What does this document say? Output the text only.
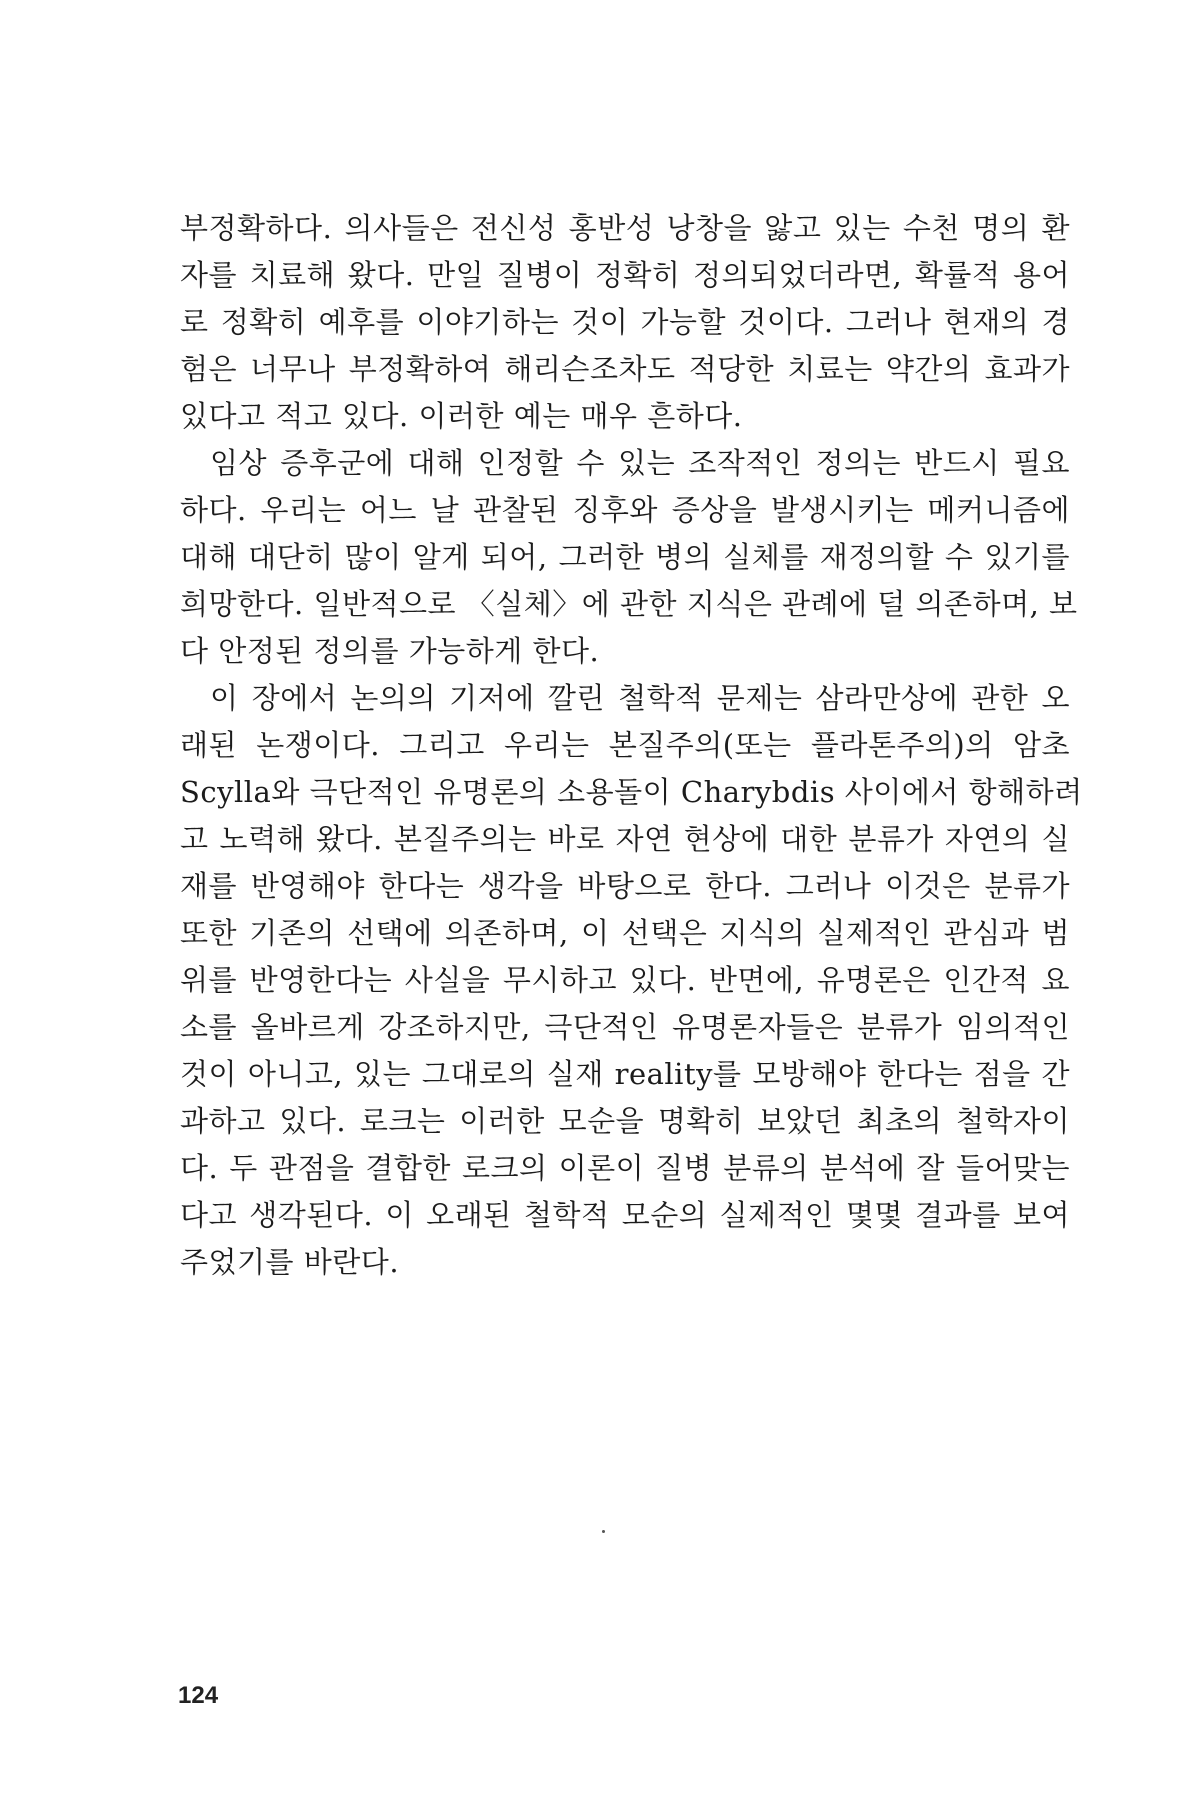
부정확하다. 의사들은 전신성 홍반성 낭창을 앓고 있는 수천 명의 환
자를 치료해 왔다. 만일 질병이 정확히 정의되었더라면, 확률적 용어
로 정확히 예후를 이야기하는 것이 가능할 것이다. 그러나 현재의 경
험은 너무나 부정확하여 해리슨조차도 적당한 치료는 약간의 효과가
있다고 적고 있다. 이러한 예는 매우 흔하다.
임상 증후군에 대해 인정할 수 있는 조작적인 정의는 반드시 필요
하다. 우리는 어느 날 관찰된 징후와 증상을 발생시키는 메커니즘에
대해 대단히 많이 알게 되어, 그러한 병의 실체를 재정의할 수 있기를
희망한다. 일반적으로 〈실체〉에 관한 지식은 관례에 덜 의존하며, 보
다 안정된 정의를 가능하게 한다.
이 장에서 논의의 기저에 깔린 철학적 문제는 삼라만상에 관한 오
래된 논쟁이다. 그리고 우리는 본질주의(또는 플라톤주의)의 암초
Scylla와 극단적인 유명론의 소용돌이 Charybdis 사이에서 항해하려
고 노력해 왔다. 본질주의는 바로 자연 현상에 대한 분류가 자연의 실
재를 반영해야 한다는 생각을 바탕으로 한다. 그러나 이것은 분류가
또한 기존의 선택에 의존하며, 이 선택은 지식의 실제적인 관심과 범
위를 반영한다는 사실을 무시하고 있다. 반면에, 유명론은 인간적 요
소를 올바르게 강조하지만, 극단적인 유명론자들은 분류가 임의적인
것이 아니고, 있는 그대로의 실재 reality를 모방해야 한다는 점을 간
과하고 있다. 로크는 이러한 모순을 명확히 보았던 최초의 철학자이
다. 두 관점을 결합한 로크의 이론이 질병 분류의 분석에 잘 들어맞는
다고 생각된다. 이 오래된 철학적 모순의 실제적인 몇몇 결과를 보여
주었기를 바란다.
124
